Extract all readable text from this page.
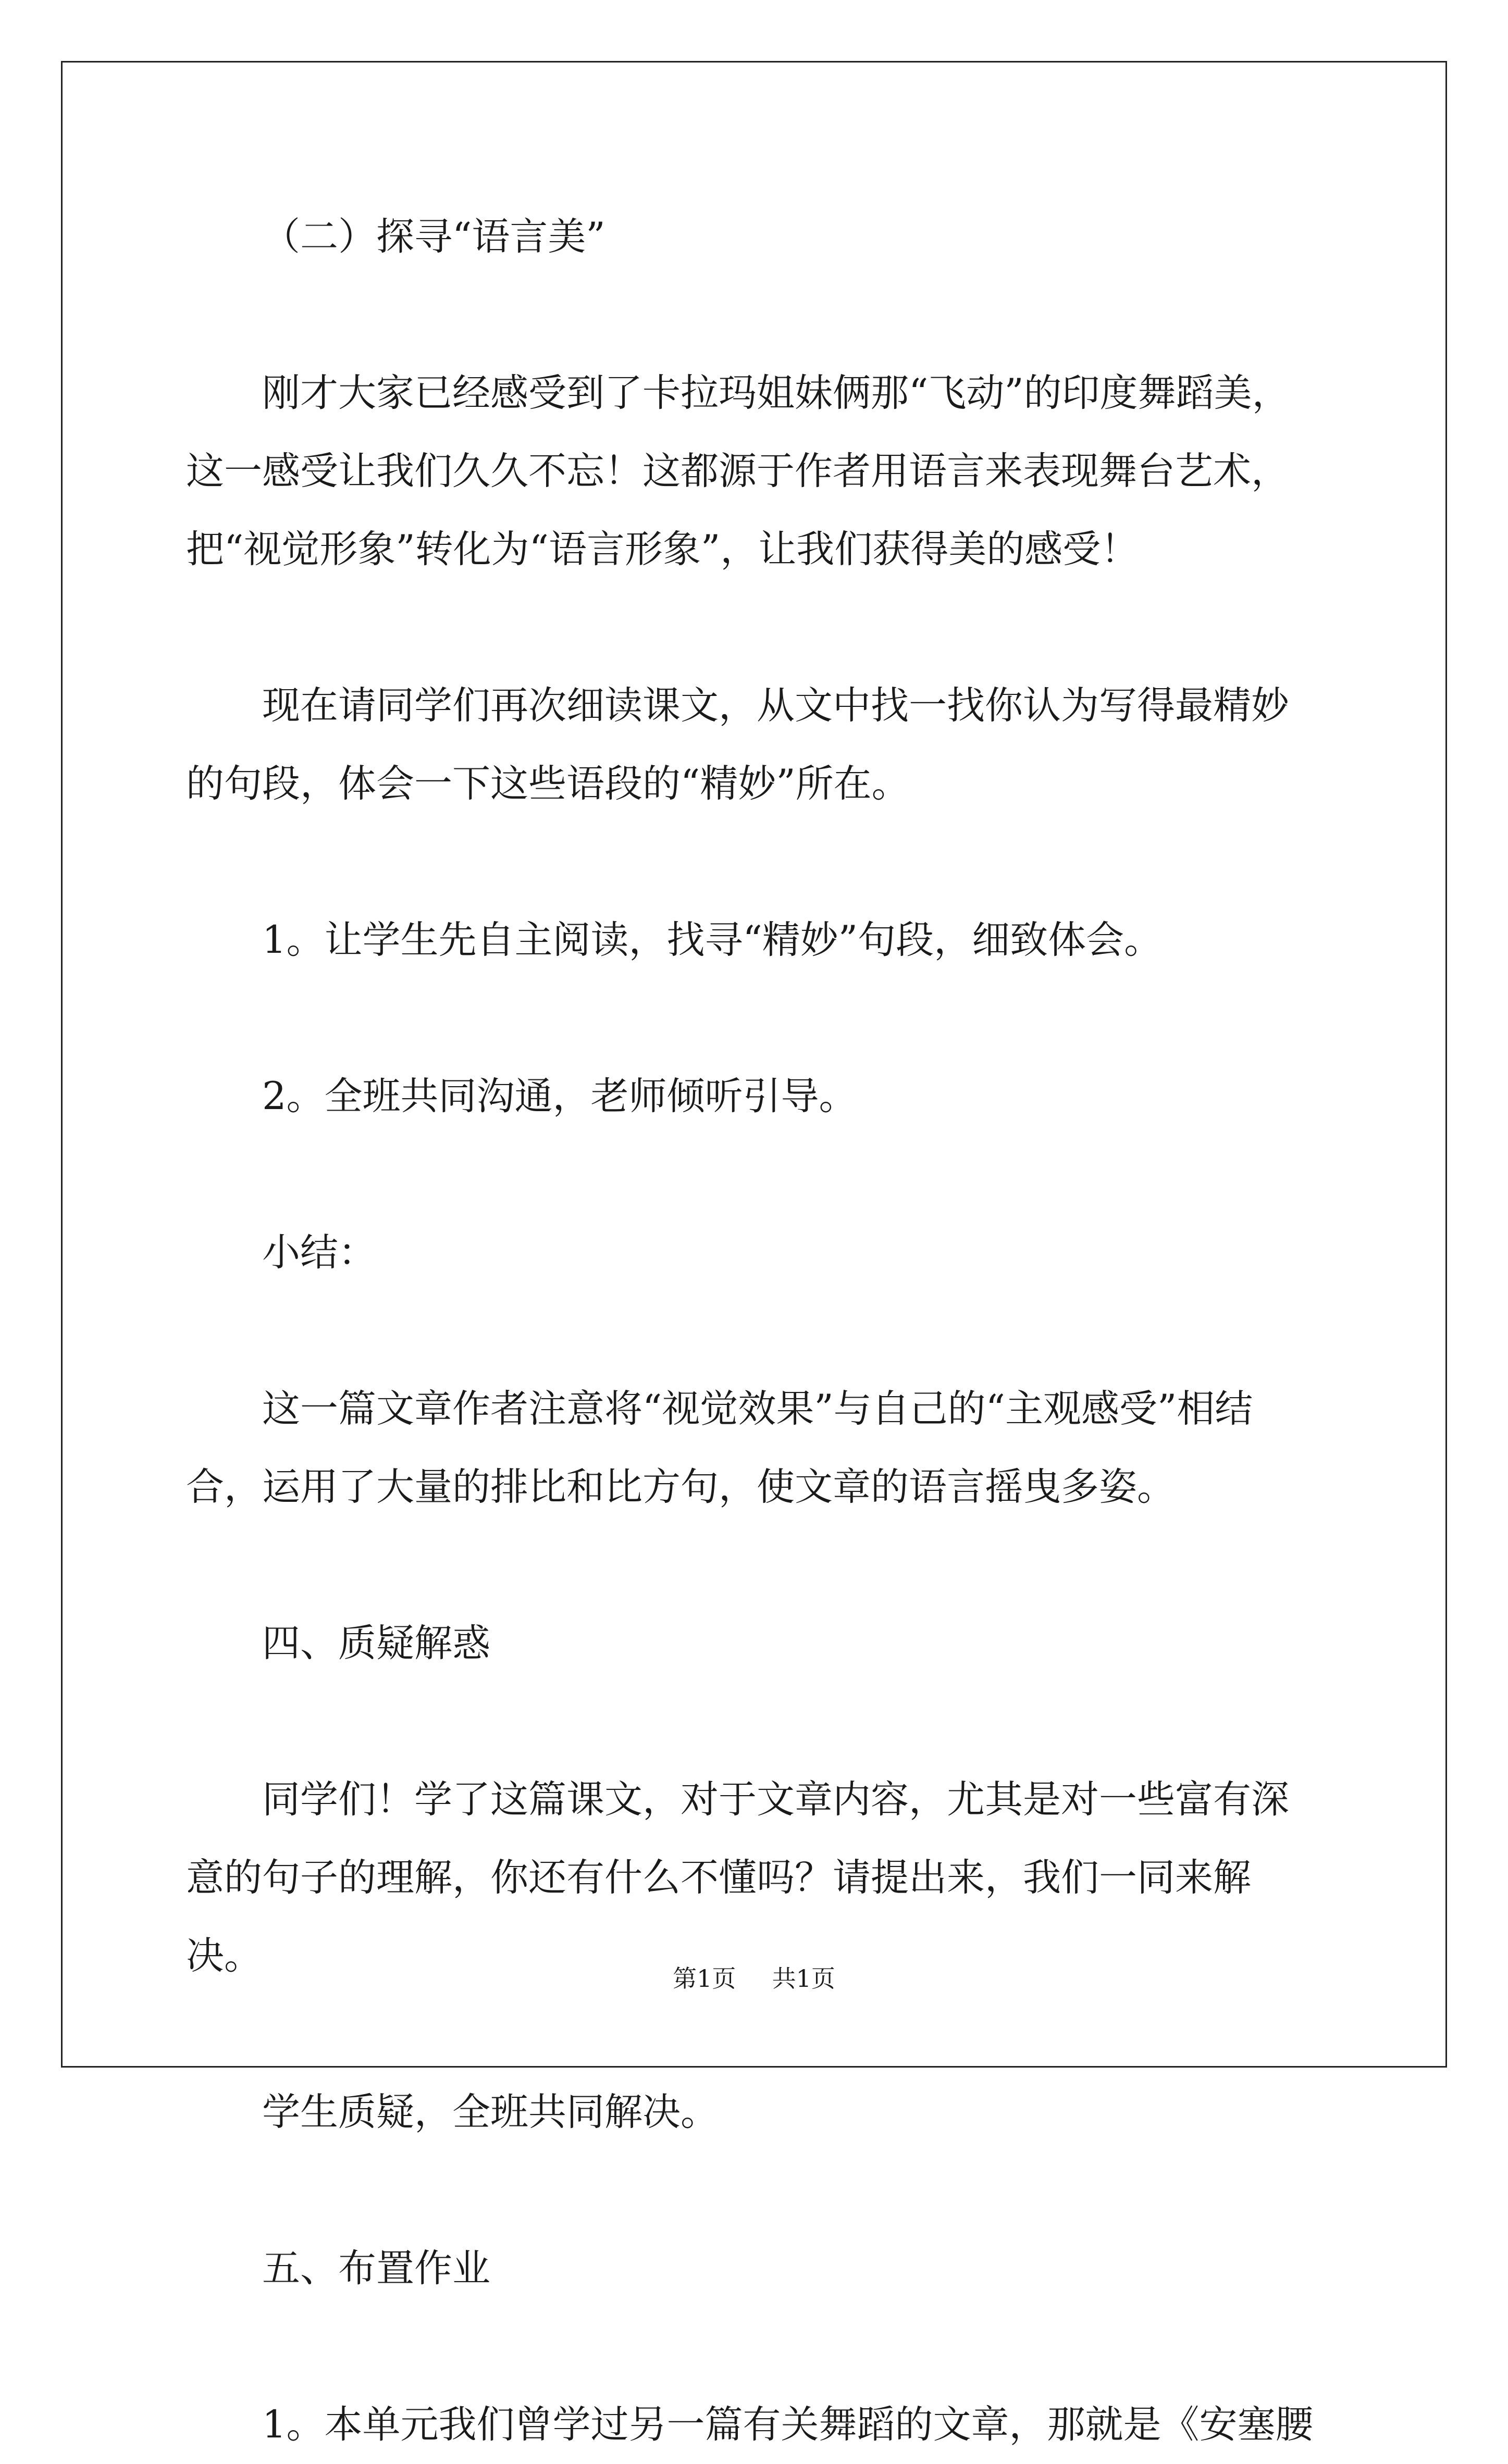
（二）探寻“语言美”

刚才大家已经感受到了卡拉玛姐妹俩那“飞动”的印度舞蹈美，这一感受让我们久久不忘！这都源于作者用语言来表现舞台艺术，把“视觉形象”转化为“语言形象”，让我们获得美的感受！

现在请同学们再次细读课文，从文中找一找你认为写得最精妙的句段，体会一下这些语段的“精妙”所在。

1。让学生先自主阅读，找寻“精妙”句段，细致体会。

2。全班共同沟通，老师倾听引导。

小结：

这一篇文章作者注意将“视觉效果”与自己的“主观感受”相结合，运用了大量的排比和比方句，使文章的语言摇曳多姿。

四、质疑解惑

同学们！学了这篇课文，对于文章内容，尤其是对一些富有深意的句子的理解，你还有什么不懂吗？请提出来，我们一同来解决。

学生质疑，全班共同解决。

五、布置作业

1。本单元我们曾学过另一篇有关舞蹈的文章，那就是《安塞腰

第1页 共1页
